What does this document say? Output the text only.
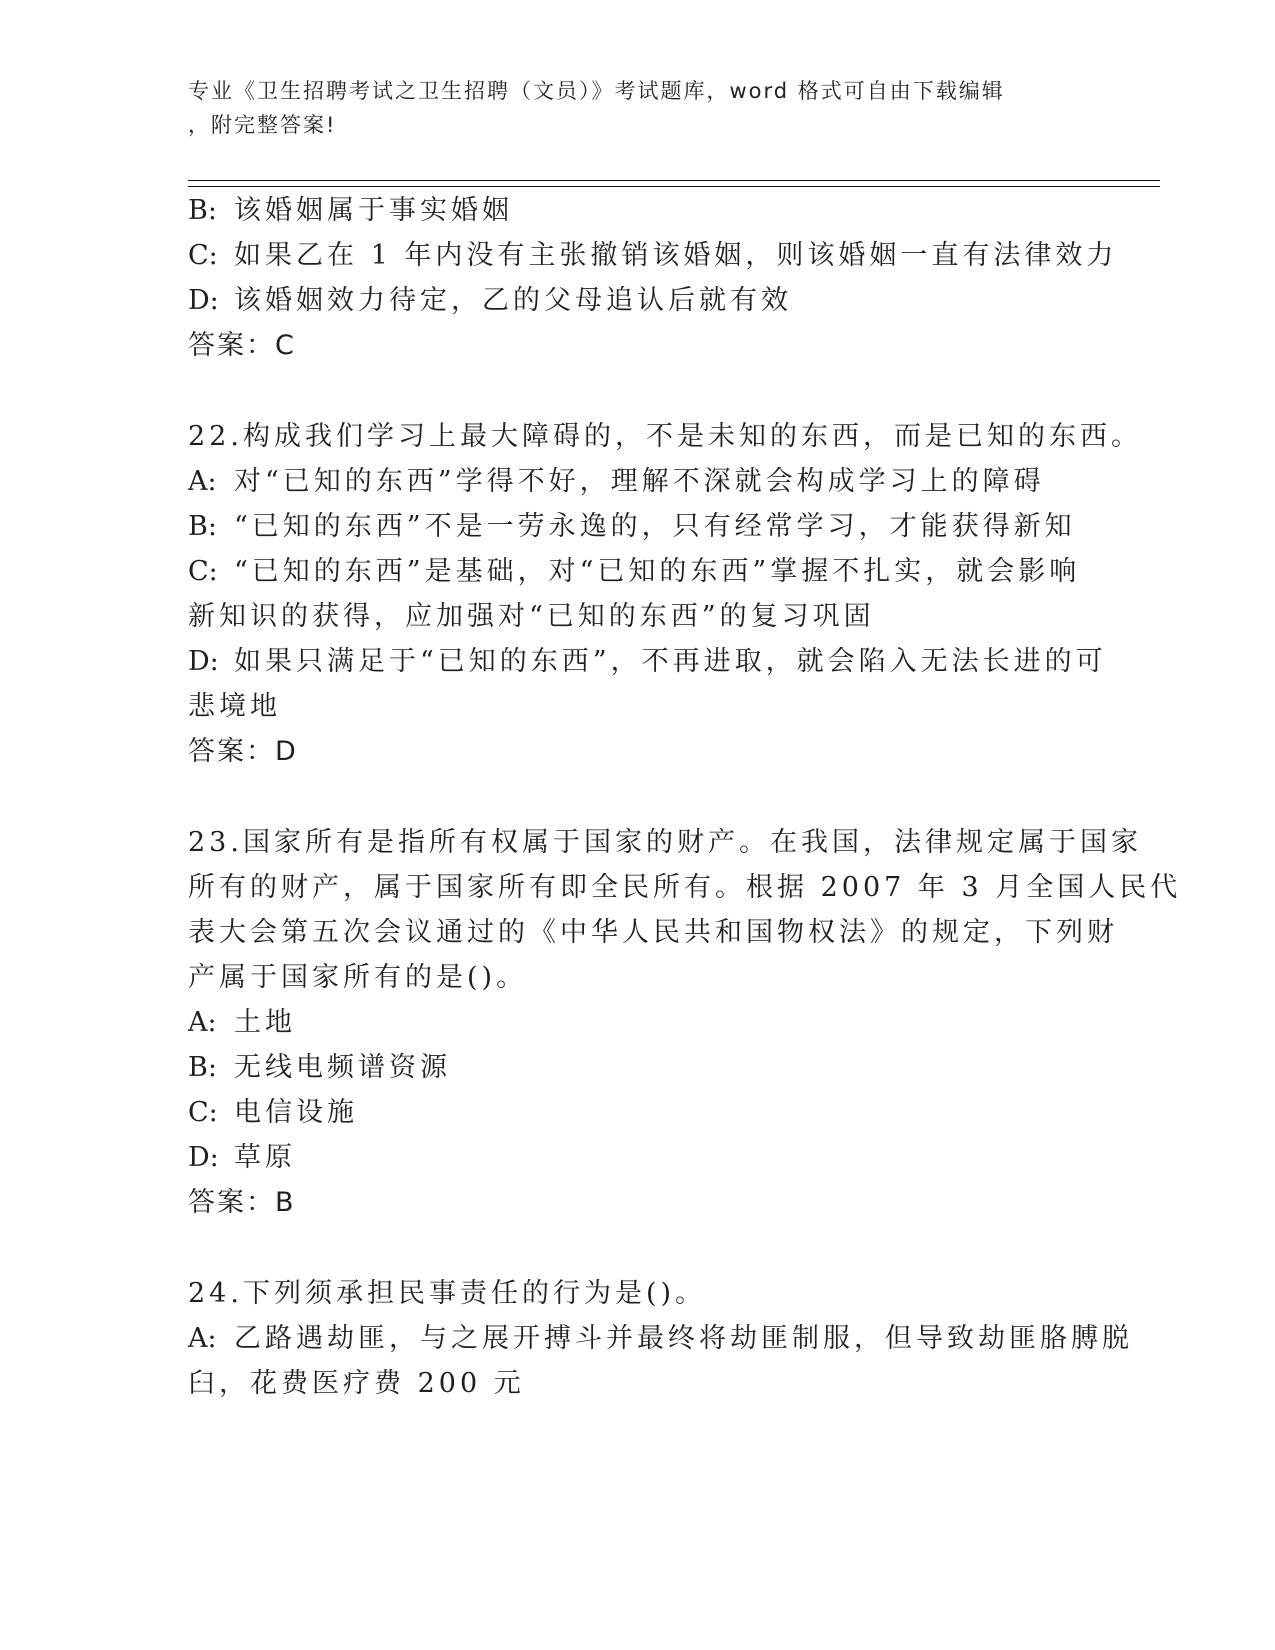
专业《卫生招聘考试之卫生招聘（文员）》考试题库，word 格式可自由下载编辑

，附完整答案!

B: 该婚姻属于事实婚姻

C: 如果乙在 1 年内没有主张撤销该婚姻，则该婚姻一直有法律效力

D: 该婚姻效力待定，乙的父母追认后就有效

答案：C

22.构成我们学习上最大障碍的，不是未知的东西，而是已知的东西。

A: 对“已知的东西”学得不好，理解不深就会构成学习上的障碍

B: “已知的东西”不是一劳永逸的，只有经常学习，才能获得新知

C: “已知的东西”是基础，对“已知的东西”掌握不扎实，就会影响

新知识的获得，应加强对“已知的东西”的复习巩固

D: 如果只满足于“已知的东西”，不再进取，就会陷入无法长进的可

悲境地

答案：D

23.国家所有是指所有权属于国家的财产。在我国，法律规定属于国家

所有的财产，属于国家所有即全民所有。根据 2007 年 3 月全国人民代

表大会第五次会议通过的《中华人民共和国物权法》的规定，下列财

产属于国家所有的是()。

A: 土地

B: 无线电频谱资源

C: 电信设施

D: 草原

答案：B

24.下列须承担民事责任的行为是()。

A: 乙路遇劫匪，与之展开搏斗并最终将劫匪制服，但导致劫匪胳膊脱

臼，花费医疗费 200 元
